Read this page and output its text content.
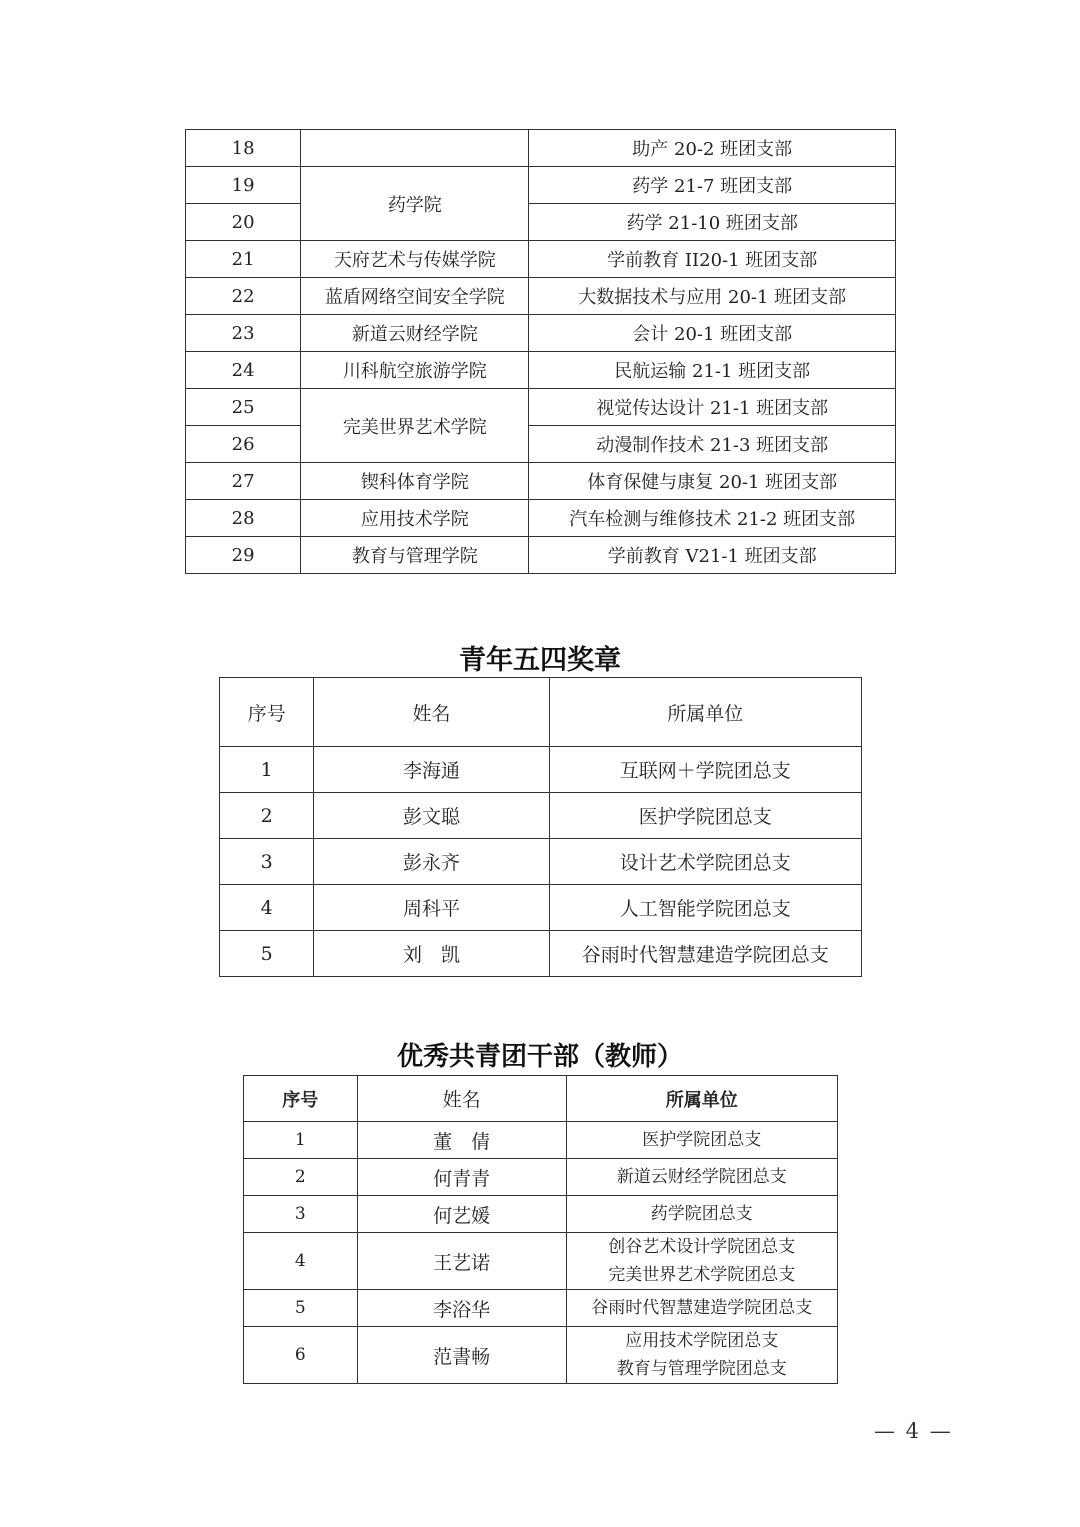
18		助产 20-2 班团支部
19	药学院	药学 21-7 班团支部
20		药学 21-10 班团支部
21	天府艺术与传媒学院	学前教育 II20-1 班团支部
22	蓝盾网络空间安全学院	大数据技术与应用 20-1 班团支部
23	新道云财经学院	会计 20-1 班团支部
24	川科航空旅游学院	民航运输 21-1 班团支部
25	完美世界艺术学院	视觉传达设计 21-1 班团支部
26		动漫制作技术 21-3 班团支部
27	锲科体育学院	体育保健与康复 20-1 班团支部
28	应用技术学院	汽车检测与维修技术 21-2 班团支部
29	教育与管理学院	学前教育 V21-1 班团支部
青年五四奖章
序号	姓名	所属单位
1	李海通	互联网＋学院团总支
2	彭文聪	医护学院团总支
3	彭永齐	设计艺术学院团总支
4	周科平	人工智能学院团总支
5	刘　凯	谷雨时代智慧建造学院团总支
优秀共青团干部（教师）
序号	姓名	所属单位
1	董　倩	医护学院团总支

2	何青青	新道云财经学院团总支

3	何艺媛	药学院团总支

4	王艺诺	创谷艺术设计学院团总支
完美世界艺术学院团总支

5	李浴华	谷雨时代智慧建造学院团总支

6	范書畅	应用技术学院团总支
教育与管理学院团总支
— 4 —
